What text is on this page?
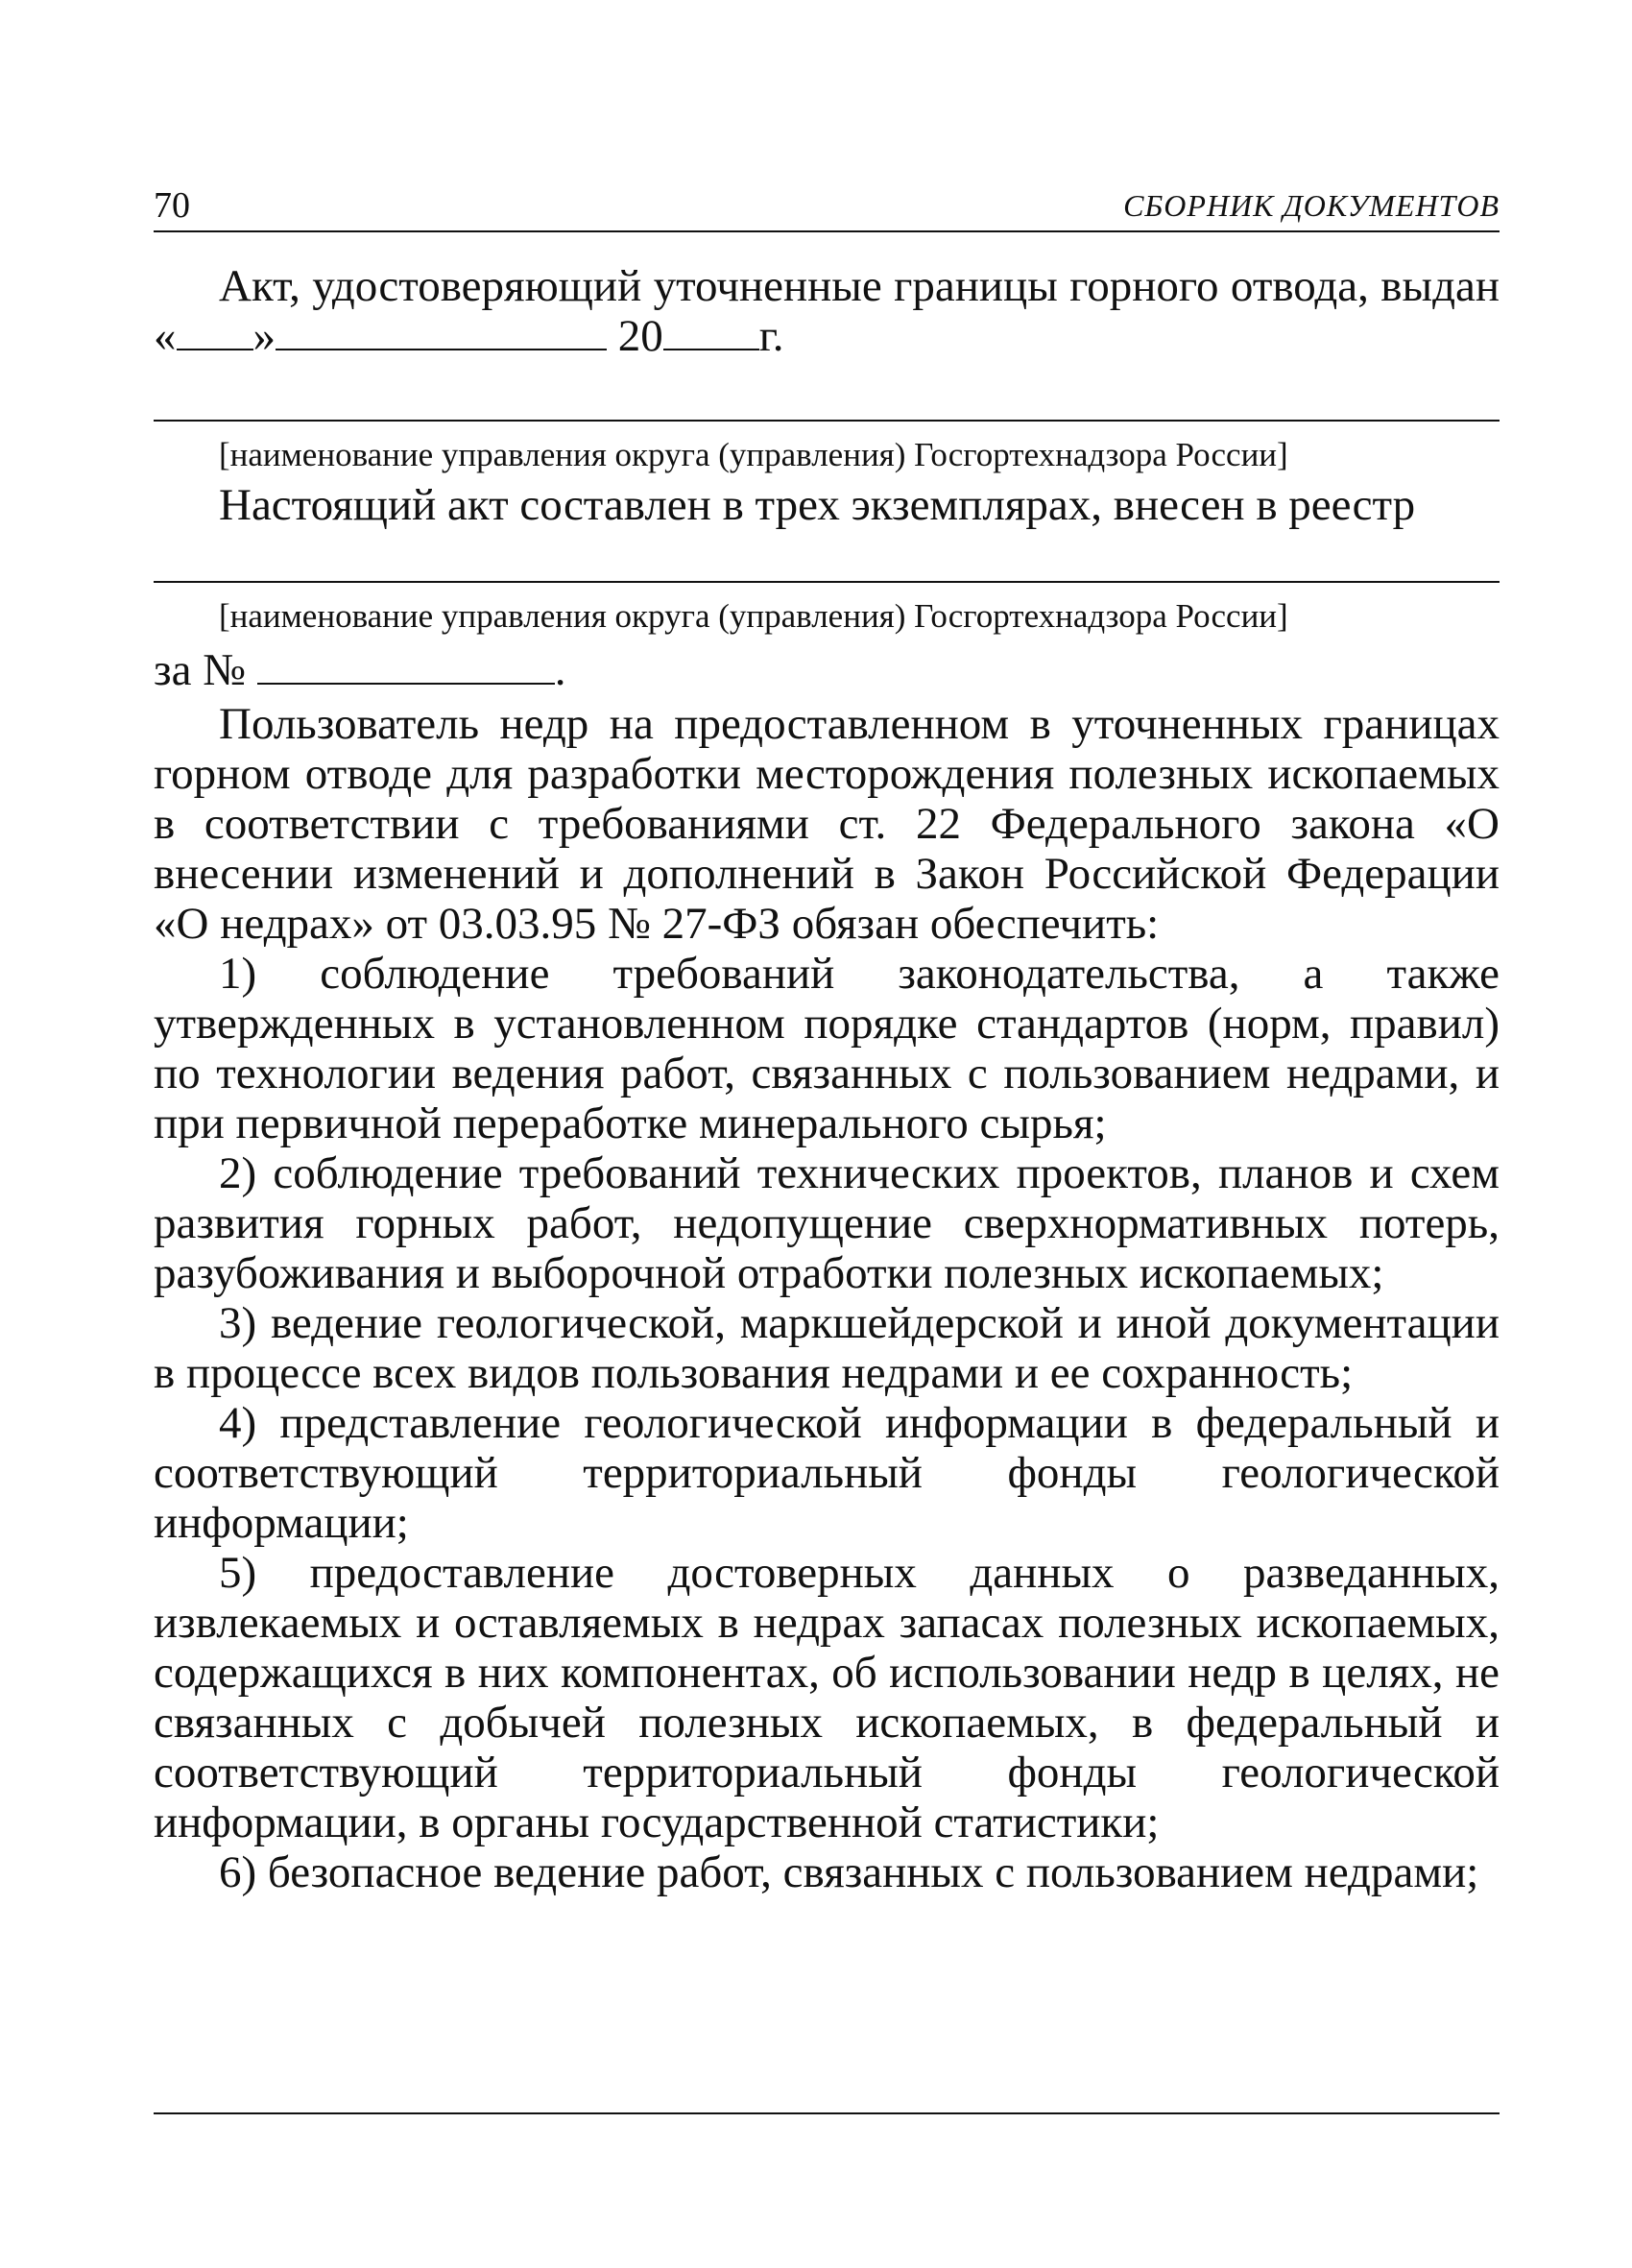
70	СБОРНИК ДОКУМЕНТОВ

Акт, удостоверяющий уточненные границы горного отвода, выдан « »	20 г.

[наименование управления округа (управления) Госгортехнадзора России]
Настоящий акт составлен в трех экземплярах, внесен в реестр
[наименование управления округа (управления) Госгортехнадзора России]
за №	.

Пользователь недр на предоставленном в уточненных границах горном отводе для разработки месторождения полезных ископаемых в соответствии с требованиями ст. 22 Федерального закона «О внесении изменений и дополнений в Закон Российской Федерации «О недрах» от 03.03.95 № 27-ФЗ обязан обеспечить:

1) соблюдение требований законодательства, а также утвержденных в установленном порядке стандартов (норм, правил) по технологии ведения работ, связанных с пользованием недрами, и при первичной переработке минерального сырья;

2) соблюдение требований технических проектов, планов и схем развития горных работ, недопущение сверхнормативных потерь, разубоживания и выборочной отработки полезных ископаемых;

3) ведение геологической, маркшейдерской и иной документации в процессе всех видов пользования недрами и ее сохранность;

4) представление геологической информации в федеральный и соответствующий территориальный фонды геологической информации;

5) предоставление достоверных данных о разведанных, извлекаемых и оставляемых в недрах запасах полезных ископаемых, содержащихся в них компонентах, об использовании недр в целях, не связанных с добычей полезных ископаемых, в федеральный и соответствующий территориальный фонды геологической информации, в органы государственной статистики;

6) безопасное ведение работ, связанных с пользованием недрами;
